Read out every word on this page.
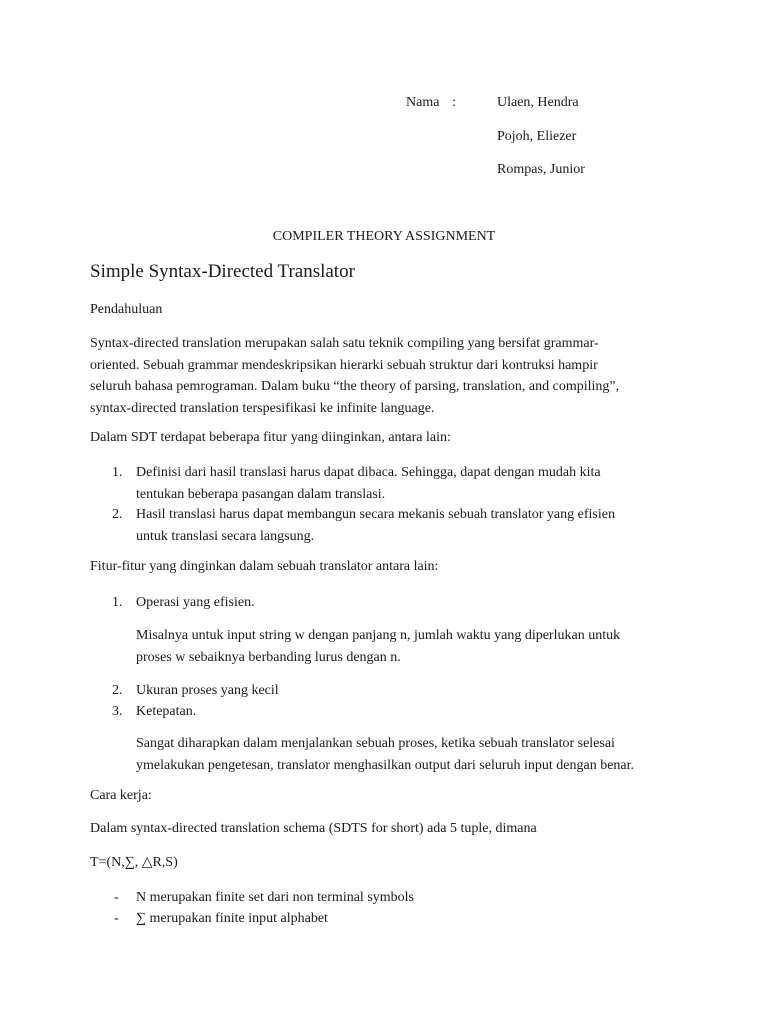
Nama :	Ulaen, Hendra
Pojoh, Eliezer
Rompas, Junior
COMPILER THEORY ASSIGNMENT
Simple Syntax-Directed Translator
Pendahuluan
Syntax-directed translation merupakan salah satu teknik compiling yang bersifat grammar-
oriented. Sebuah grammar mendeskripsikan hierarki sebuah struktur dari kontruksi hampir
seluruh bahasa pemrograman. Dalam buku “the theory of parsing, translation, and compiling”,
syntax-directed translation terspesifikasi ke infinite language.
Dalam SDT terdapat beberapa fitur yang diinginkan, antara lain:
1. Definisi dari hasil translasi harus dapat dibaca. Sehingga, dapat dengan mudah kita
tentukan beberapa pasangan dalam translasi.
2. Hasil translasi harus dapat membangun secara mekanis sebuah translator yang efisien
untuk translasi secara langsung.
Fitur-fitur yang dinginkan dalam sebuah translator antara lain:
1. Operasi yang efisien.
Misalnya untuk input string w dengan panjang n, jumlah waktu yang diperlukan untuk
proses w sebaiknya berbanding lurus dengan n.
2. Ukuran proses yang kecil
3. Ketepatan.
Sangat diharapkan dalam menjalankan sebuah proses, ketika sebuah translator selesai
ymelakukan pengetesan, translator menghasilkan output dari seluruh input dengan benar.
Cara kerja:
Dalam syntax-directed translation schema (SDTS for short) ada 5 tuple, dimana
T=(N,∑, △R,S)
- N merupakan finite set dari non terminal symbols
- ∑ merupakan finite input alphabet
